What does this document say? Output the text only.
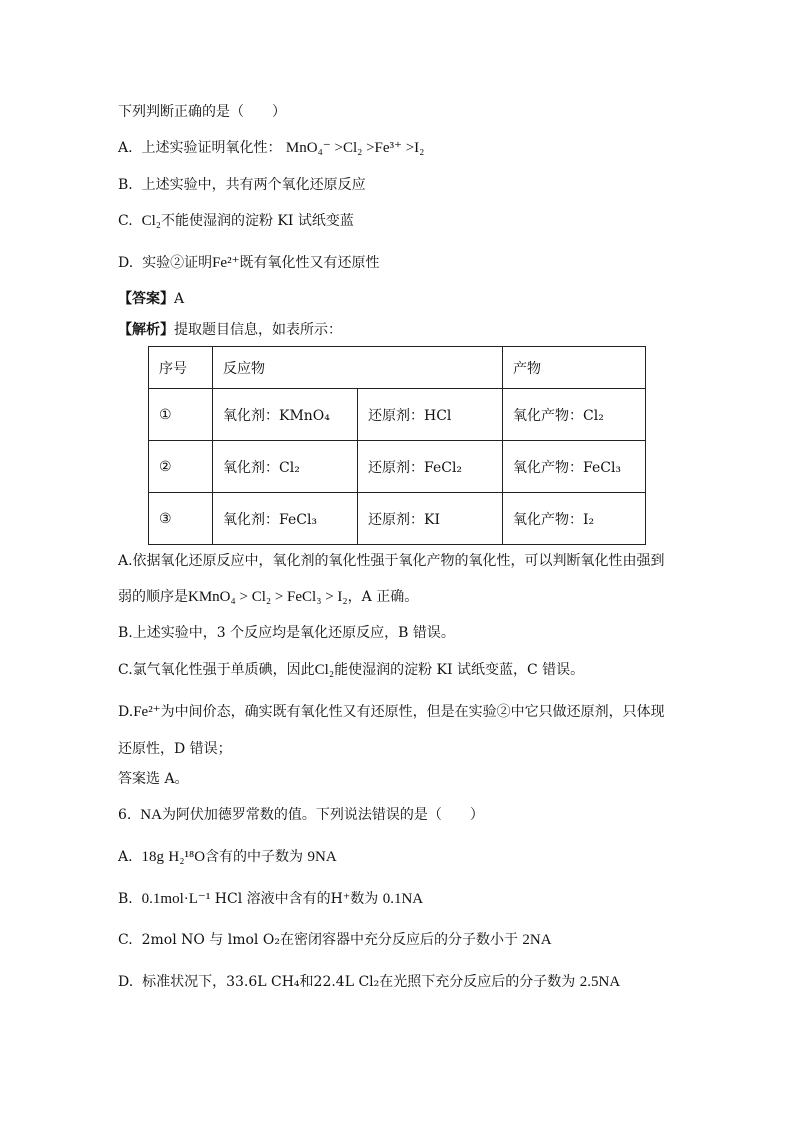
下列判断正确的是（　　）
A. 上述实验证明氧化性： MnO₄⁻ >Cl₂ >Fe³⁺ >I₂
B. 上述实验中，共有两个氧化还原反应
C. Cl₂不能使湿润的淀粉 KI 试纸变蓝
D. 实验②证明Fe²⁺既有氧化性又有还原性
【答案】A
【解析】提取题目信息，如表所示：
序号	反应物		产物
①	氧化剂：KMnO₄	还原剂：HCl	氧化产物：Cl₂
②	氧化剂：Cl₂	还原剂：FeCl₂	氧化产物：FeCl₃
③	氧化剂：FeCl₃	还原剂：KI	氧化产物：I₂
A.依据氧化还原反应中，氧化剂的氧化性强于氧化产物的氧化性，可以判断氧化性由强到
弱的顺序是KMnO₄ > Cl₂ > FeCl₃ > I₂，A 正确。
B.上述实验中，3 个反应均是氧化还原反应，B 错误。
C.氯气氧化性强于单质碘，因此Cl₂能使湿润的淀粉 KI 试纸变蓝，C 错误。
D.Fe²⁺为中间价态，确实既有氧化性又有还原性，但是在实验②中它只做还原剂，只体现
还原性，D 错误；
答案选 A。
6. NA为阿伏加德罗常数的值。下列说法错误的是（　　）
A. 18g H₂¹⁸O含有的中子数为 9NA
B. 0.1mol·L⁻¹ HCl 溶液中含有的H⁺数为 0.1NA
C. 2mol NO 与 lmol O₂在密闭容器中充分反应后的分子数小于 2NA
D. 标准状况下，33.6L CH₄和22.4L Cl₂在光照下充分反应后的分子数为 2.5NA
